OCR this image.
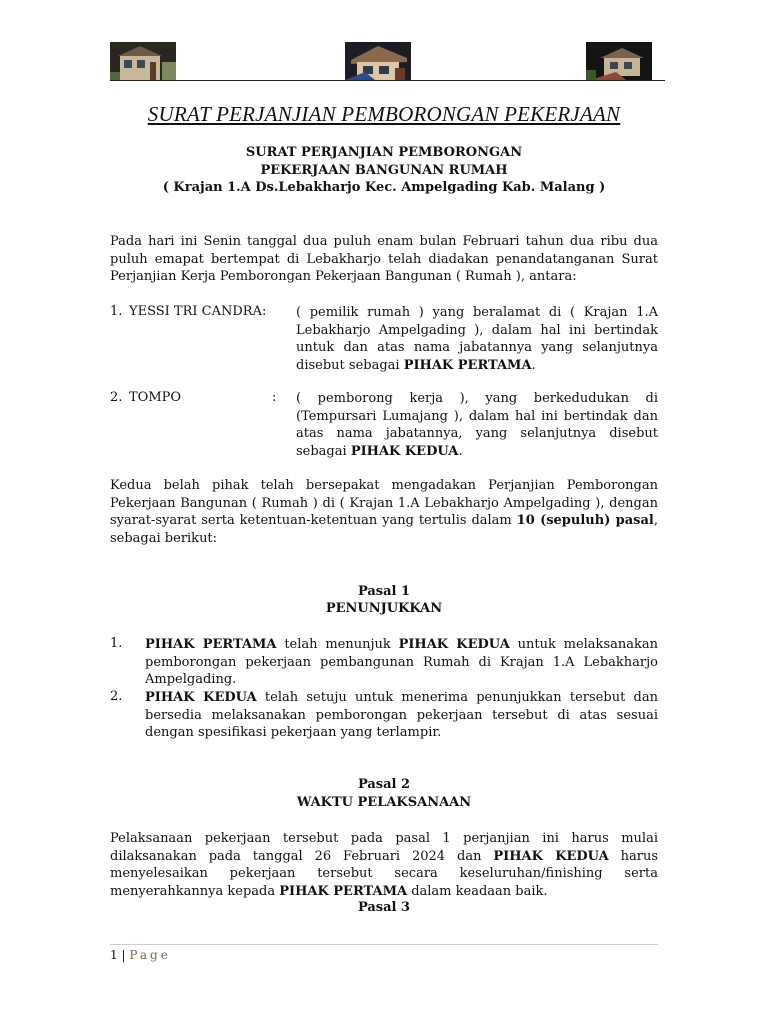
SURAT PERJANJIAN PEMBORONGAN PEKERJAAN
SURAT PERJANJIAN PEMBORONGAN
PEKERJAAN BANGUNAN RUMAH
( Krajan 1.A Ds.Lebakharjo Kec. Ampelgading Kab. Malang )
Pada hari ini Senin tanggal dua puluh enam bulan Februari tahun dua ribu dua puluh emapat bertempat di Lebakharjo telah diadakan penandatanganan Surat Perjanjian Kerja Pemborongan Pekerjaan Bangunan ( Rumah ), antara:
1. YESSI TRI CANDRA: ( pemilik rumah ) yang beralamat di ( Krajan 1.A Lebakharjo Ampelgading ), dalam hal ini bertindak untuk dan atas nama jabatannya yang selanjutnya disebut sebagai PIHAK PERTAMA.
2. TOMPO	: ( pemborong kerja ), yang berkedudukan di (Tempursari Lumajang ), dalam hal ini bertindak dan atas nama jabatannya, yang selanjutnya disebut sebagai PIHAK KEDUA.
Kedua belah pihak telah bersepakat mengadakan Perjanjian Pemborongan Pekerjaan Bangunan ( Rumah ) di ( Krajan 1.A Lebakharjo Ampelgading ), dengan syarat-syarat serta ketentuan-ketentuan yang tertulis dalam 10 (sepuluh) pasal, sebagai berikut:
Pasal 1
PENUNJUKKAN
1. PIHAK PERTAMA telah menunjuk PIHAK KEDUA untuk melaksanakan pemborongan pekerjaan pembangunan Rumah di Krajan 1.A Lebakharjo Ampelgading.
2. PIHAK KEDUA telah setuju untuk menerima penunjukkan tersebut dan bersedia melaksanakan pemborongan pekerjaan tersebut di atas sesuai dengan spesifikasi pekerjaan yang terlampir.
Pasal 2
WAKTU PELAKSANAAN
Pelaksanaan pekerjaan tersebut pada pasal 1 perjanjian ini harus mulai dilaksanakan pada tanggal 26 Februari 2024 dan PIHAK KEDUA harus menyelesaikan pekerjaan tersebut secara keseluruhan/finishing serta menyerahkannya kepada PIHAK PERTAMA dalam keadaan baik.
Pasal 3
1 | Page
